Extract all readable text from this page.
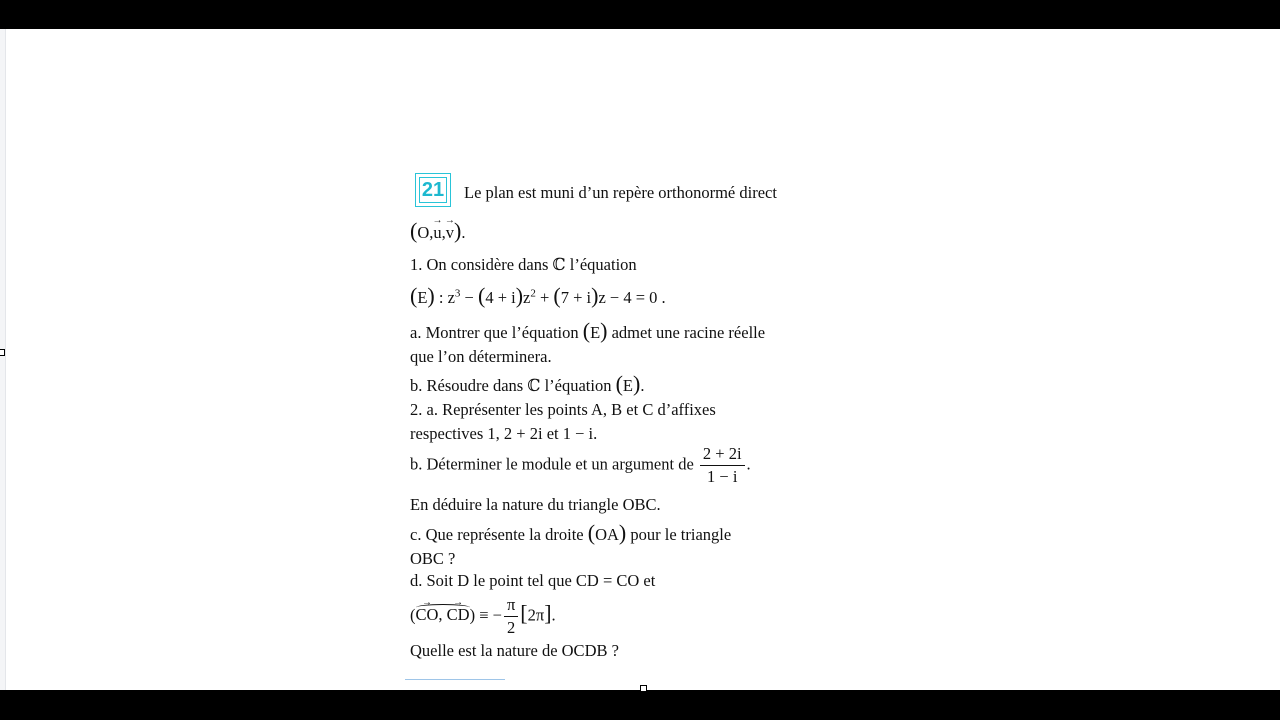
21 Le plan est muni d’un repère orthonormé direct
(O,→ u,→ v).
1. On considère dans ℂ l’équation
(E) : $z^3 - (4 + i)z^2 + (7 + i)z - 4 = 0$ .
a. Montrer que l’équation (E) admet une racine réelle
que l’on déterminera.
b. Résoudre dans ℂ l’équation (E).
2. a. Représenter les points A, B et C d’affixes
respectives 1, 2 + 2i et 1 − i.
b. Déterminer le module et un argument de $\frac{2 + 2i}{1 - i}$ .
En déduire la nature du triangle OBC.
c. Que représente la droite (OA) pour le triangle
OBC ?
d. Soit D le point tel que CD = CO et
(→ CO, → CD) ≡ − $\frac{\pi}{2} [2\pi]$.
Quelle est la nature de OCDB ?
